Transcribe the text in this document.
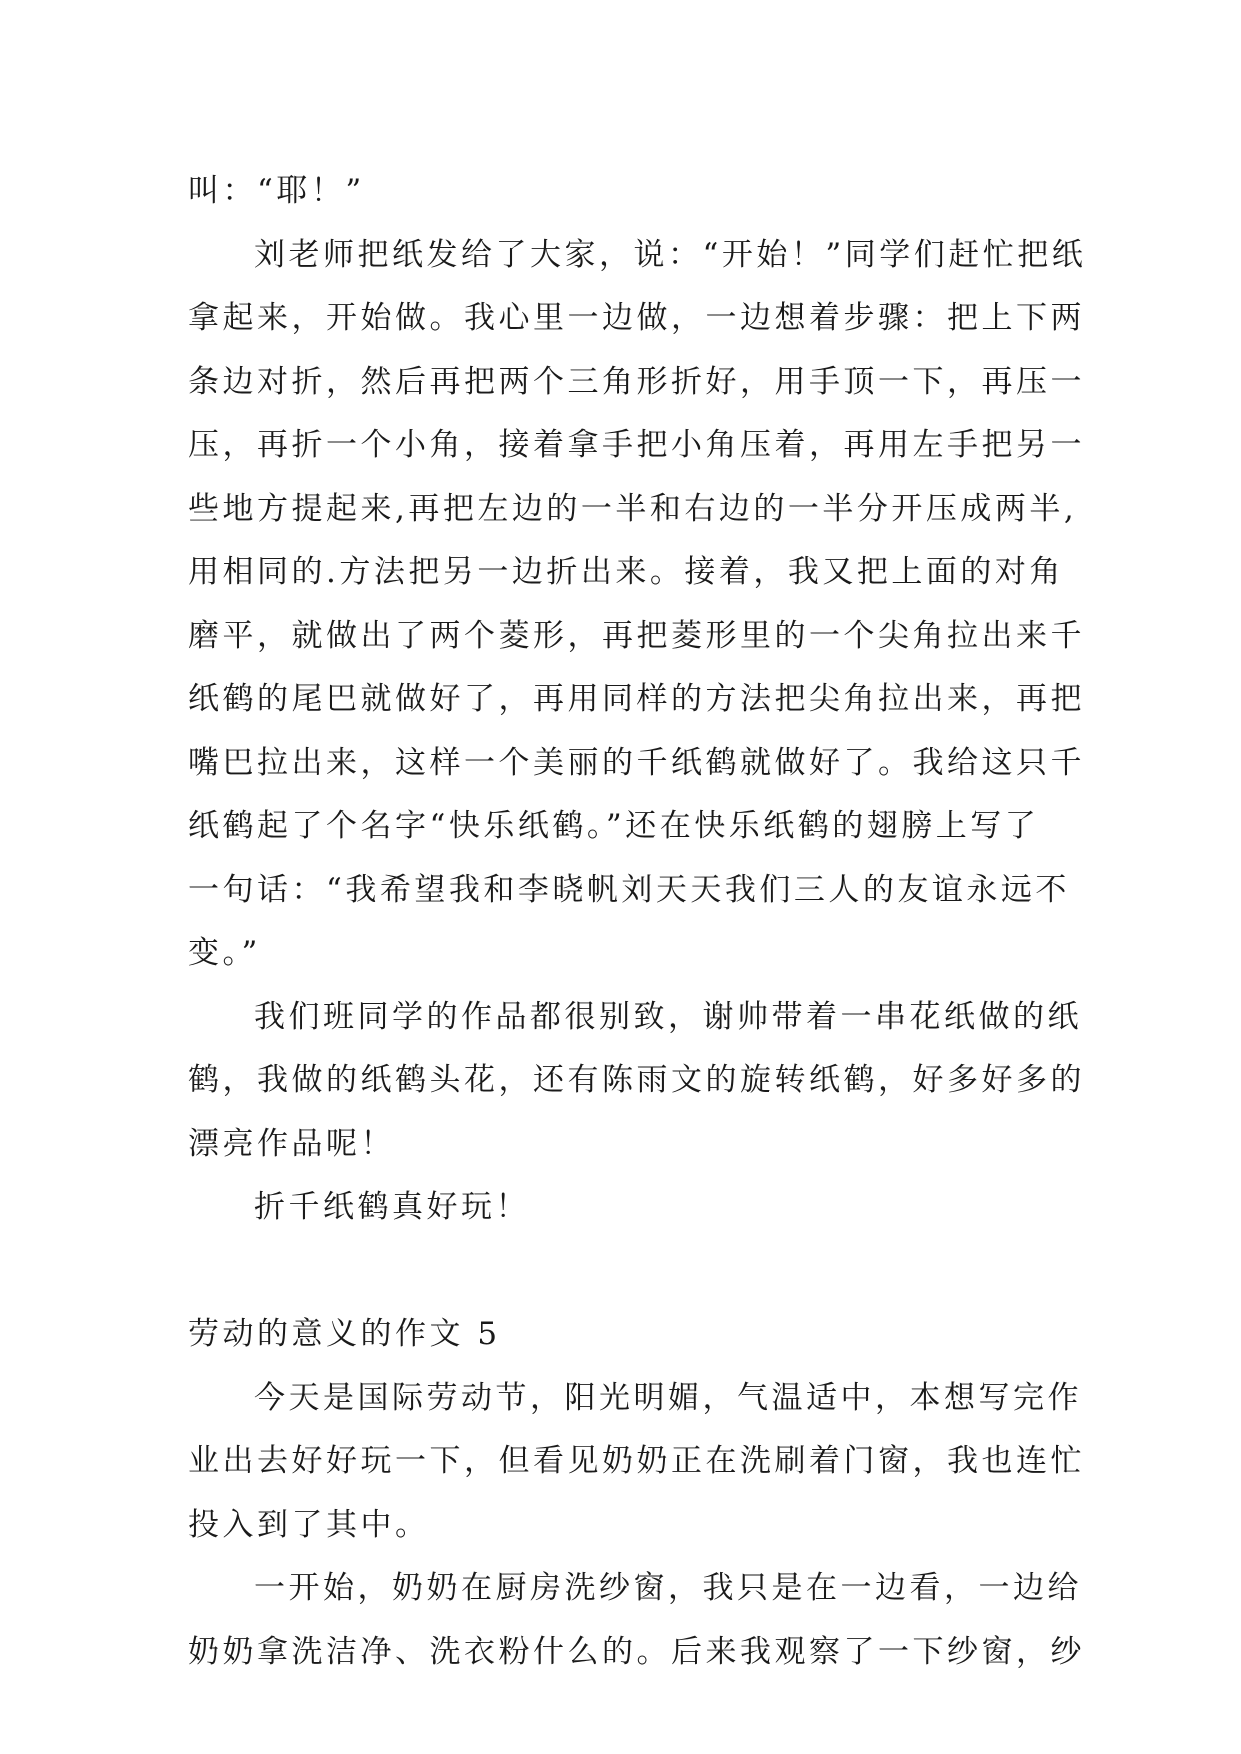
叫：“耶！”
刘老师把纸发给了大家，说：“开始！”同学们赶忙把纸
拿起来，开始做。我心里一边做，一边想着步骤：把上下两
条边对折，然后再把两个三角形折好，用手顶一下，再压一
压，再折一个小角，接着拿手把小角压着，再用左手把另一
些地方提起来,再把左边的一半和右边的一半分开压成两半,
用相同的.方法把另一边折出来。接着，我又把上面的对角
磨平，就做出了两个菱形，再把菱形里的一个尖角拉出来千
纸鹤的尾巴就做好了，再用同样的方法把尖角拉出来，再把
嘴巴拉出来，这样一个美丽的千纸鹤就做好了。我给这只千
纸鹤起了个名字“快乐纸鹤。”还在快乐纸鹤的翅膀上写了
一句话：“我希望我和李晓帆刘天天我们三人的友谊永远不
变。”
我们班同学的作品都很别致，谢帅带着一串花纸做的纸
鹤，我做的纸鹤头花，还有陈雨文的旋转纸鹤，好多好多的
漂亮作品呢！
折千纸鹤真好玩！
劳动的意义的作文 5
今天是国际劳动节，阳光明媚，气温适中，本想写完作
业出去好好玩一下，但看见奶奶正在洗刷着门窗，我也连忙
投入到了其中。
一开始，奶奶在厨房洗纱窗，我只是在一边看，一边给
奶奶拿洗洁净、洗衣粉什么的。后来我观察了一下纱窗，纱
